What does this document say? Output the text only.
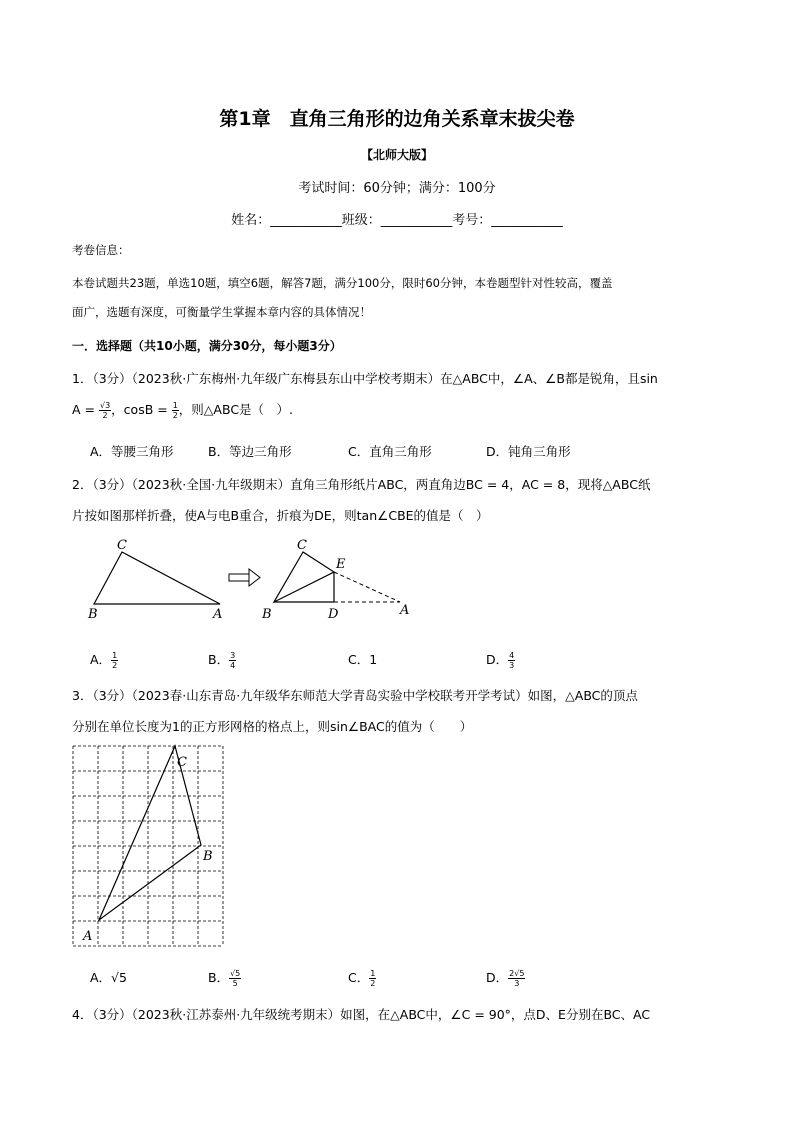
第1章　直角三角形的边角关系章末拔尖卷
【北师大版】
考试时间：60分钟；满分：100分
姓名：___________班级：___________考号：___________
考卷信息：
本卷试题共23题，单选10题，填空6题，解答7题，满分100分，限时60分钟，本卷题型针对性较高，覆盖
面广，选题有深度，可衡量学生掌握本章内容的具体情况！
一．选择题（共10小题，满分30分，每小题3分）
1．（3分）（2023秋·广东梅州·九年级广东梅县东山中学校考期末）在△ABC中，∠A、∠B都是锐角，且sin
$A = \frac{√3}{2}$ ，$\cos B = \frac{1}{2}$ ，则△ABC是（　）.
A．等腰三角形	B．等边三角形	C．直角三角形	D．钝角三角形
2．（3分）（2023秋·全国·九年级期末）直角三角形纸片ABC，两直角边BC = 4，AC = 8，现将△ABC纸
片按如图那样折叠，使A与电B重合，折痕为DE，则tan∠CBE的值是（　）
C
B	A
C
E
B	D	A
A． $\frac{1}{2}$	B． $\frac{3}{4}$	C．1	D． $\frac{4}{3}$
3．（3分）（2023春·山东青岛·九年级华东师范大学青岛实验中学校联考开学考试）如图，△ABC的顶点
分别在单位长度为1的正方形网格的格点上，则sin∠BAC的值为（　　）
C
B
A
A．√5	B． $\frac{√5}{5}$	C． $\frac{1}{2}$	D． $\frac{2√5}{3}$
4．（3分）（2023秋·江苏泰州·九年级统考期末）如图，在△ABC中，∠C = 90°，点D、E分别在BC、AC
